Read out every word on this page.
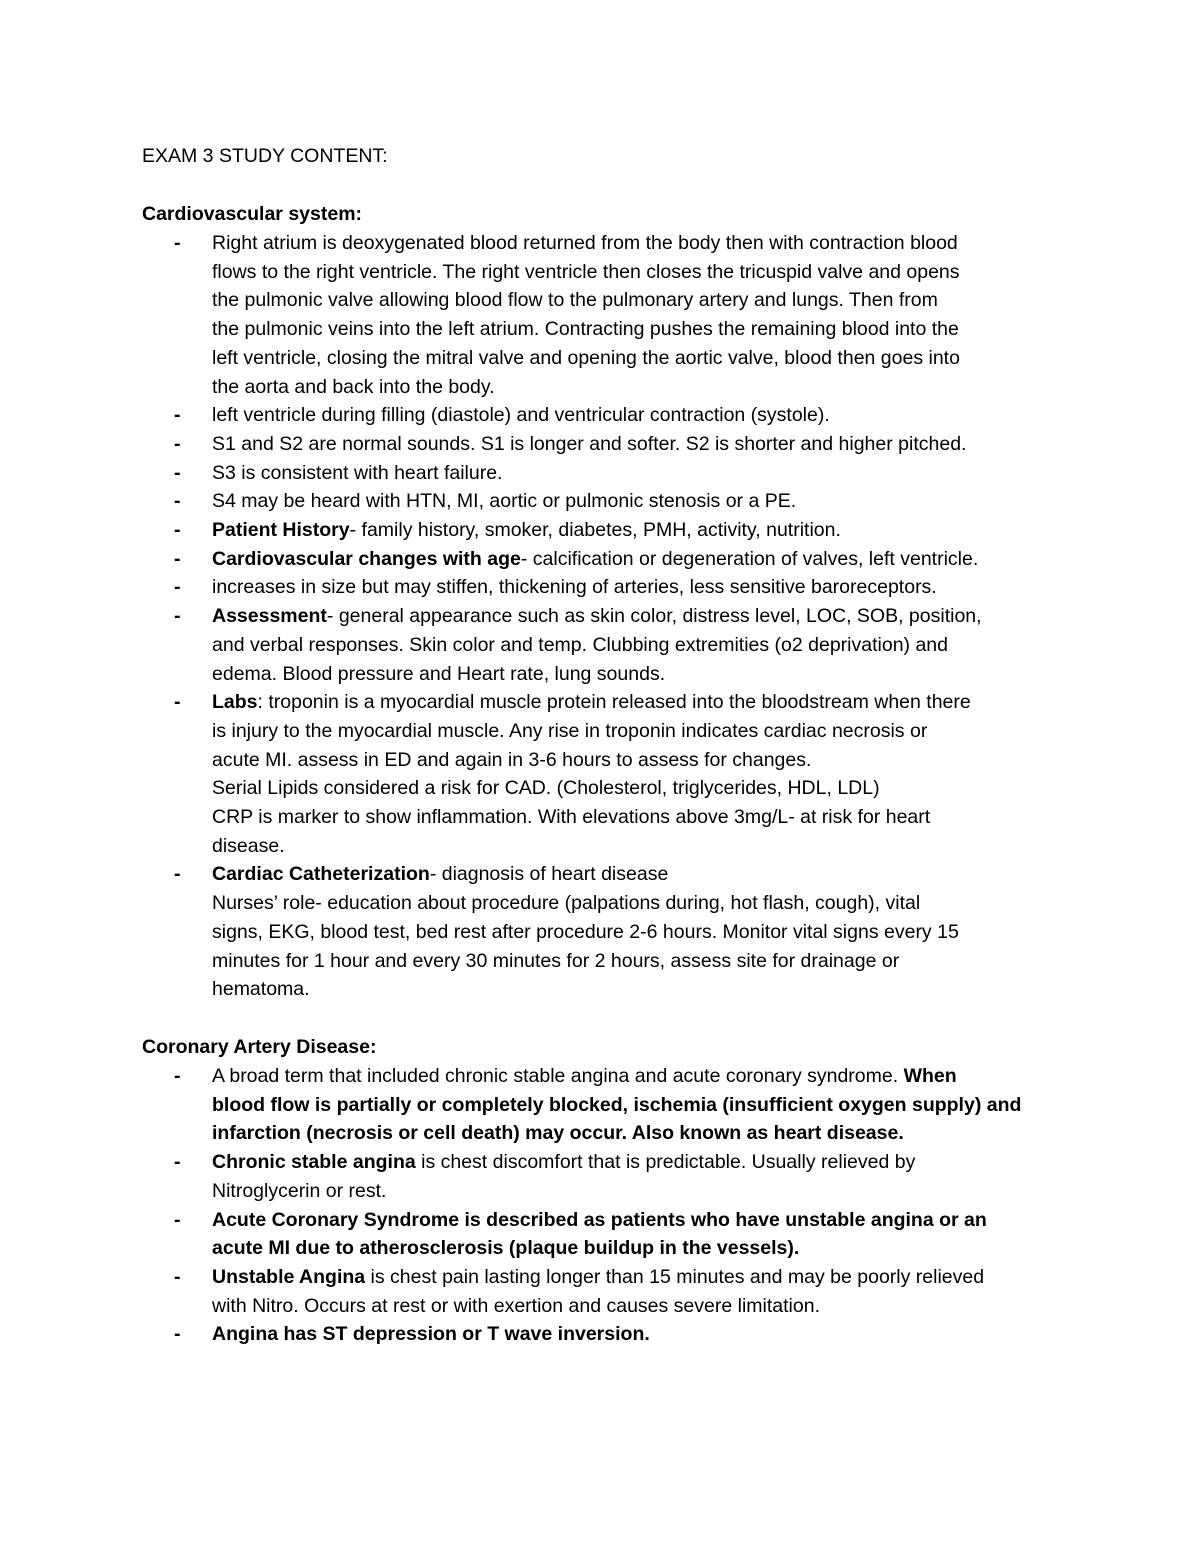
EXAM 3 STUDY CONTENT:
Cardiovascular system:
- Right atrium is deoxygenated blood returned from the body then with contraction blood
flows to the right ventricle. The right ventricle then closes the tricuspid valve and opens
the pulmonic valve allowing blood flow to the pulmonary artery and lungs. Then from
the pulmonic veins into the left atrium. Contracting pushes the remaining blood into the
left ventricle, closing the mitral valve and opening the aortic valve, blood then goes into
the aorta and back into the body.
- left ventricle during filling (diastole) and ventricular contraction (systole).
- S1 and S2 are normal sounds. S1 is longer and softer. S2 is shorter and higher pitched.
- S3 is consistent with heart failure.
- S4 may be heard with HTN, MI, aortic or pulmonic stenosis or a PE.
- Patient History- family history, smoker, diabetes, PMH, activity, nutrition.
- Cardiovascular changes with age- calcification or degeneration of valves, left ventricle.
- increases in size but may stiffen, thickening of arteries, less sensitive baroreceptors.
- Assessment- general appearance such as skin color, distress level, LOC, SOB, position,
and verbal responses. Skin color and temp. Clubbing extremities (o2 deprivation) and
edema. Blood pressure and Heart rate, lung sounds.
- Labs: troponin is a myocardial muscle protein released into the bloodstream when there
is injury to the myocardial muscle. Any rise in troponin indicates cardiac necrosis or
acute MI. assess in ED and again in 3-6 hours to assess for changes.
Serial Lipids considered a risk for CAD. (Cholesterol, triglycerides, HDL, LDL)
CRP is marker to show inflammation. With elevations above 3mg/L- at risk for heart
disease.
- Cardiac Catheterization- diagnosis of heart disease
Nurses’ role- education about procedure (palpations during, hot flash, cough), vital
signs, EKG, blood test, bed rest after procedure 2-6 hours. Monitor vital signs every 15
minutes for 1 hour and every 30 minutes for 2 hours, assess site for drainage or
hematoma.
Coronary Artery Disease:
- A broad term that included chronic stable angina and acute coronary syndrome. When
blood flow is partially or completely blocked, ischemia (insufficient oxygen supply) and
infarction (necrosis or cell death) may occur. Also known as heart disease.
- Chronic stable angina is chest discomfort that is predictable. Usually relieved by
Nitroglycerin or rest.
- Acute Coronary Syndrome is described as patients who have unstable angina or an
acute MI due to atherosclerosis (plaque buildup in the vessels).
- Unstable Angina is chest pain lasting longer than 15 minutes and may be poorly relieved
with Nitro. Occurs at rest or with exertion and causes severe limitation.
- Angina has ST depression or T wave inversion.
